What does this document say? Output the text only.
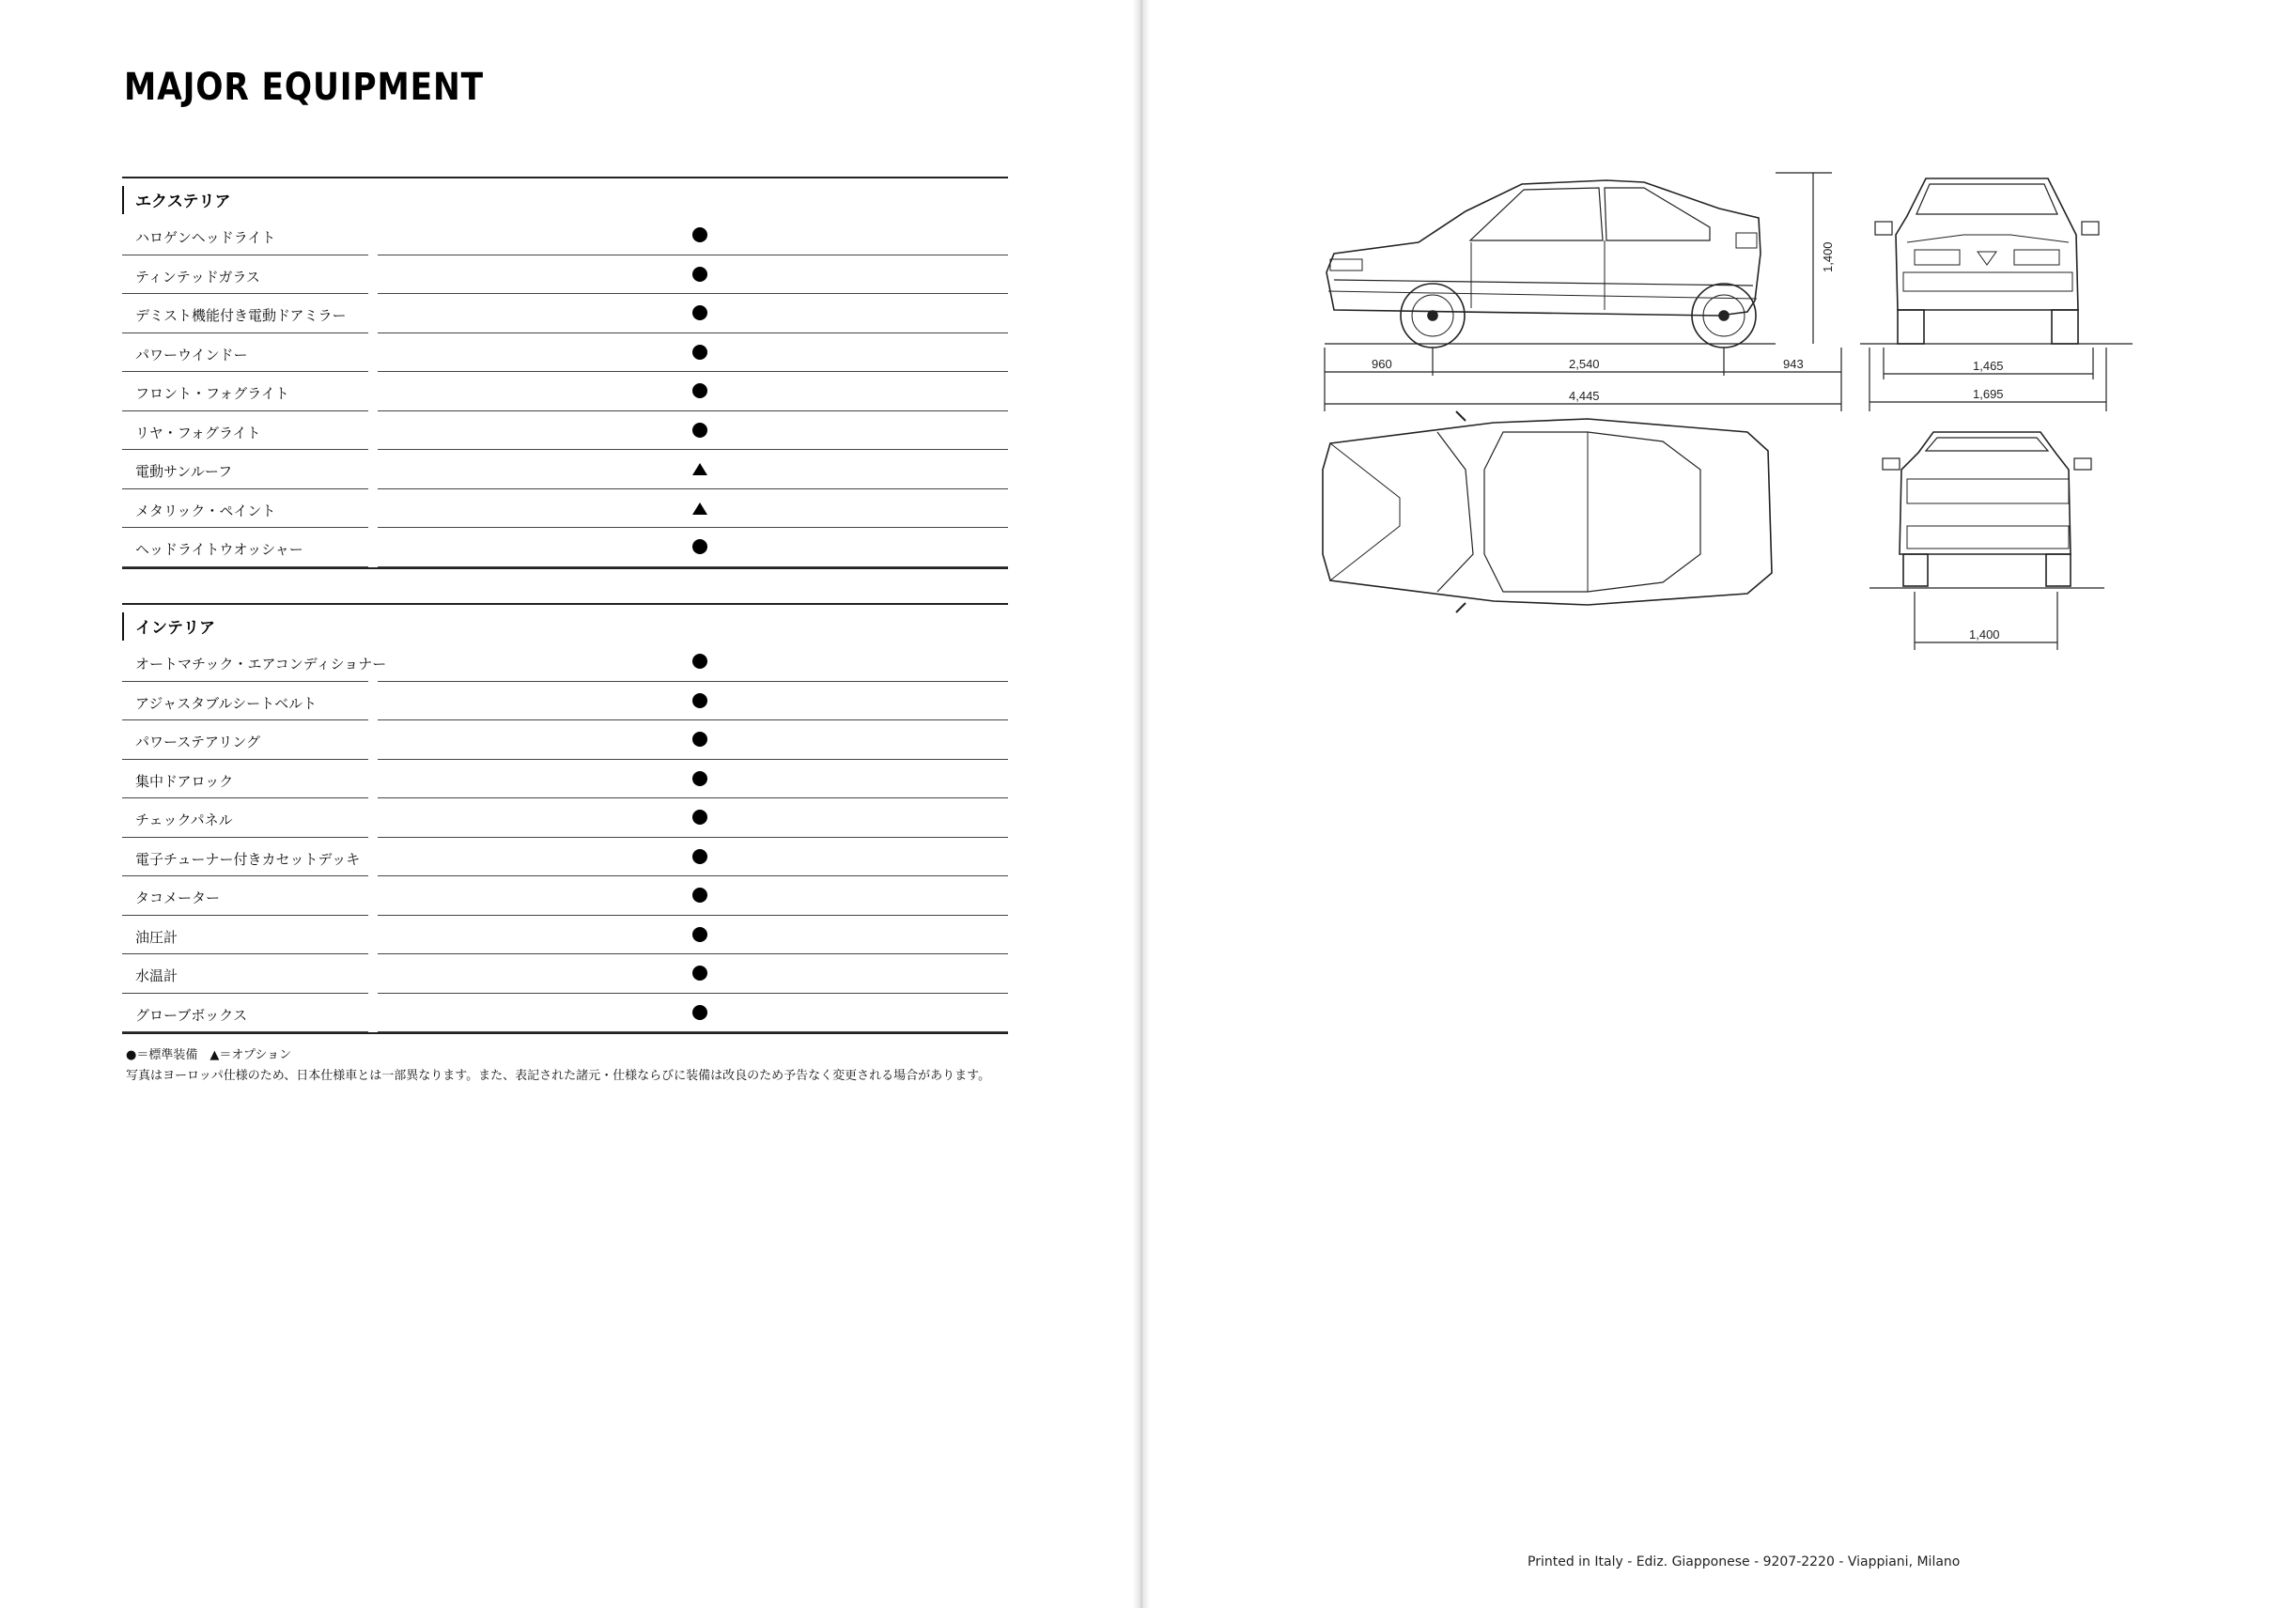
MAJOR EQUIPMENT
エクステリア
ハロゲンヘッドライト
ティンテッドガラス
デミスト機能付き電動ドアミラー
パワーウインドー
フロント・フォグライト
リヤ・フォグライト
電動サンルーフ
メタリック・ペイント
ヘッドライトウオッシャー
インテリア
オートマチック・エアコンディショナー
アジャスタブルシートベルト
パワーステアリング
集中ドアロック
チェックパネル
電子チューナー付きカセットデッキ
タコメーター
油圧計
水温計
グローブボックス
●＝標準装備　▲＝オプション
写真はヨーロッパ仕様のため、日本仕様車とは一部異なります。また、表記された諸元・仕様ならびに装備は改良のため予告なく変更される場合があります。
960	2,540	943
4,445
1,400
1,465
1,695
1,400
Printed in Italy - Ediz. Giapponese - 9207-2220 - Viappiani, Milano
